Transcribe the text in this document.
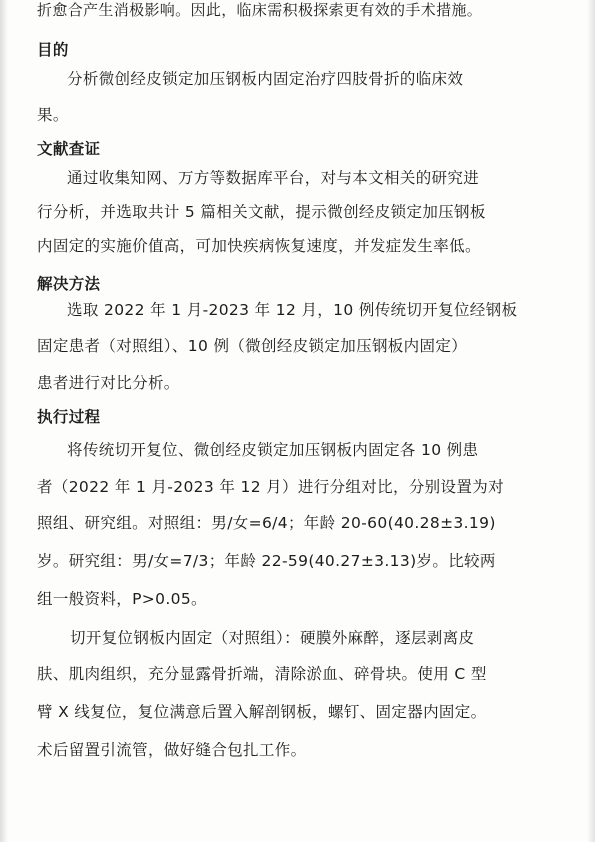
折愈合产生消极影响。因此，临床需积极探索更有效的手术措施。
目的
分析微创经皮锁定加压钢板内固定治疗四肢骨折的临床效
果。
文献查证
通过收集知网、万方等数据库平台，对与本文相关的研究进
行分析，并选取共计 5 篇相关文献，提示微创经皮锁定加压钢板
内固定的实施价值高，可加快疾病恢复速度，并发症发生率低。
解决方法
选取 2022 年 1 月-2023 年 12 月，10 例传统切开复位经钢板
固定患者（对照组）、10 例（微创经皮锁定加压钢板内固定）
患者进行对比分析。
执行过程
将传统切开复位、微创经皮锁定加压钢板内固定各 10 例患
者（2022 年 1 月-2023 年 12 月）进行分组对比，分别设置为对
照组、研究组。对照组：男/女=6/4；年龄 20-60(40.28±3.19)
岁。研究组：男/女=7/3；年龄 22-59(40.27±3.13)岁。比较两
组一般资料，P>0.05。
切开复位钢板内固定（对照组）：硬膜外麻醉，逐层剥离皮
肤、肌肉组织，充分显露骨折端，清除淤血、碎骨块。使用 C 型
臂 X 线复位，复位满意后置入解剖钢板，螺钉、固定器内固定。
术后留置引流管，做好缝合包扎工作。
